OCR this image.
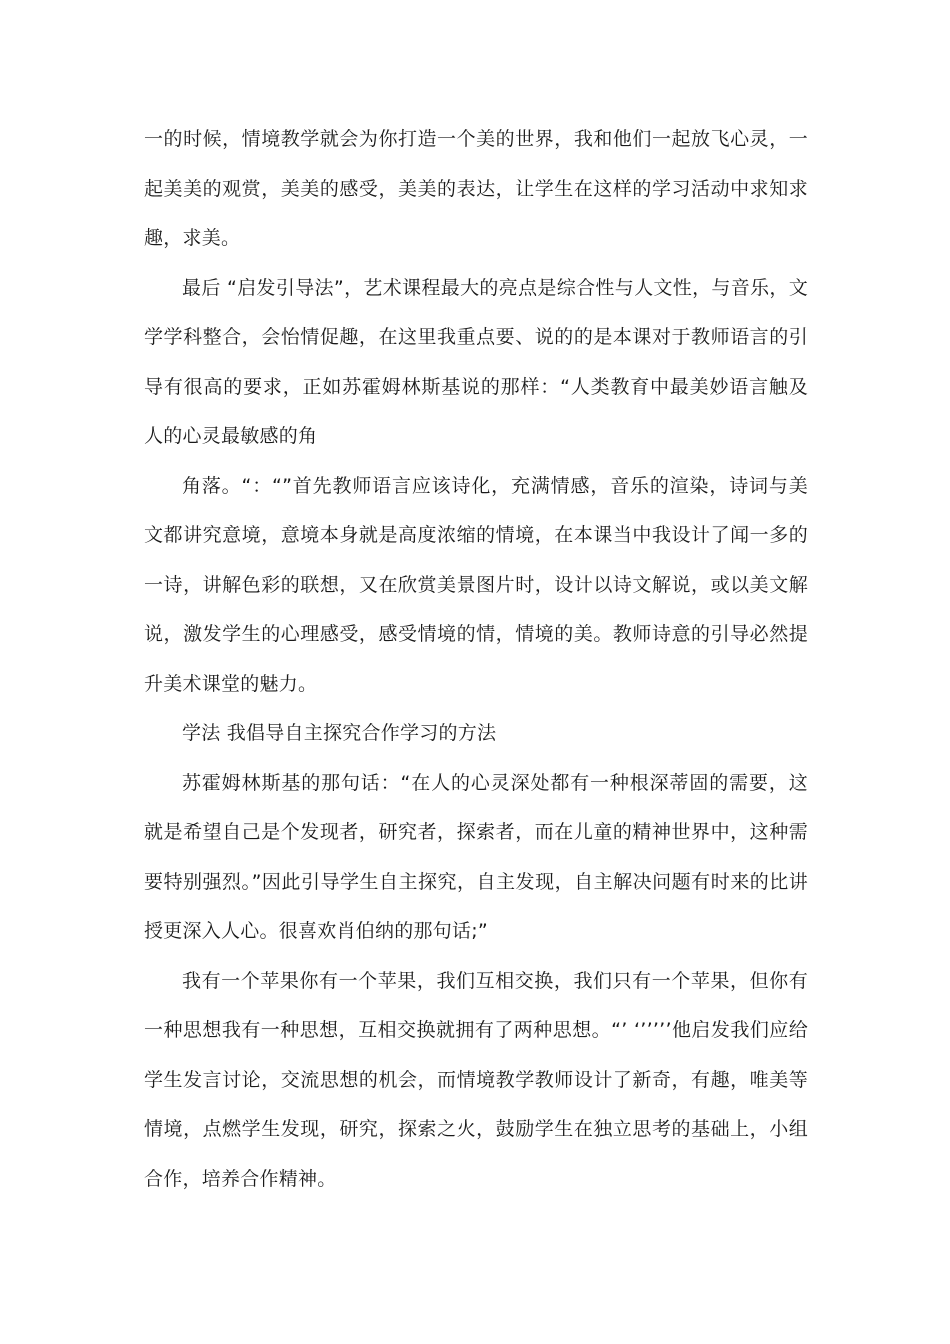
一的时候，情境教学就会为你打造一个美的世界，我和他们一起放飞心灵，一起美美的观赏，美美的感受，美美的表达，让学生在这样的学习活动中求知求趣，求美。

最后 “启发引导法”，艺术课程最大的亮点是综合性与人文性，与音乐，文学学科整合，会怡情促趣，在这里我重点要、说的的是本课对于教师语言的引导有很高的要求，正如苏霍姆林斯基说的那样：“人类教育中最美妙语言触及人的心灵最敏感的角

角落。“：“”首先教师语言应该诗化，充满情感，音乐的渲染，诗词与美文都讲究意境，意境本身就是高度浓缩的情境，在本课当中我设计了闻一多的一诗，讲解色彩的联想，又在欣赏美景图片时，设计以诗文解说，或以美文解说，激发学生的心理感受，感受情境的情，情境的美。教师诗意的引导必然提升美术课堂的魅力。

学法 我倡导自主探究合作学习的方法

苏霍姆林斯基的那句话：“在人的心灵深处都有一种根深蒂固的需要，这就是希望自己是个发现者，研究者，探索者，而在儿童的精神世界中，这种需要特别强烈。”因此引导学生自主探究，自主发现，自主解决问题有时来的比讲授更深入人心。很喜欢肖伯纳的那句话;”

我有一个苹果你有一个苹果，我们互相交换，我们只有一个苹果，但你有一种思想我有一种思想，互相交换就拥有了两种思想。“’ ‘’’’’’他启发我们应给学生发言讨论，交流思想的机会，而情境教学教师设计了新奇，有趣，唯美等情境，点燃学生发现，研究，探索之火，鼓励学生在独立思考的基础上，小组合作，培养合作精神。
